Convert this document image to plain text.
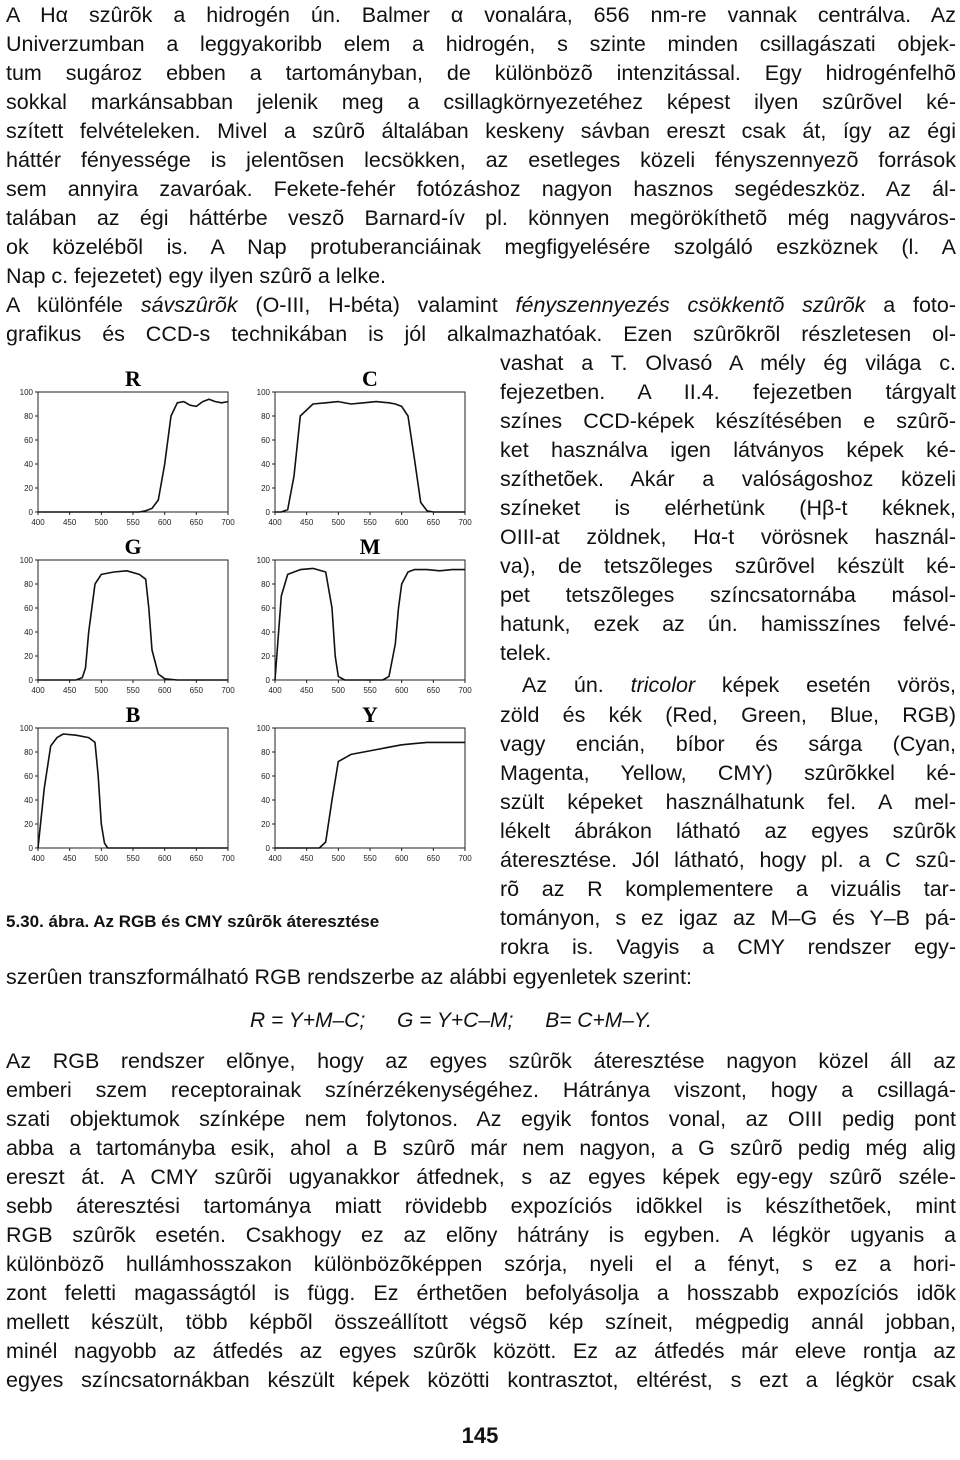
A Hα szûrõk a hidrogén ún. Balmer α vonalára, 656 nm-re vannak centrálva. Az
Univerzumban a leggyakoribb elem a hidrogén, s szinte minden csillagászati objek-
tum sugároz ebben a tartományban, de különbözõ intenzitással. Egy hidrogénfelhõ
sokkal markánsabban jelenik meg a csillagkörnyezetéhez képest ilyen szûrõvel ké-
szített felvételeken. Mivel a szûrõ általában keskeny sávban ereszt csak át, így az égi
háttér fényessége is jelentõsen lecsökken, az esetleges közeli fényszennyezõ források
sem annyira zavaróak. Fekete-fehér fotózáshoz nagyon hasznos segédeszköz. Az ál-
talában az égi háttérbe veszõ Barnard-ív pl. könnyen megörökíthetõ még nagyváros-
ok közelébõl is. A Nap protuberanciáinak megfigyelésére szolgáló eszköznek (l. A
Nap c. fejezetet) egy ilyen szûrõ a lelke.
A különféle sávszûrõk (O-III, H-béta) valamint fényszennyezés csökkentõ szûrõk a foto-
grafikus és CCD-s technikában is jól alkalmazhatóak. Ezen szûrõkrõl részletesen ol-
vashat a T. Olvasó A mély ég világa c.
fejezetben. A II.4. fejezetben tárgyalt
színes CCD-képek készítésében e szûrõ-
ket használva igen látványos képek ké-
szíthetõek. Akár a valóságoshoz közeli
színeket is elérhetünk (Hβ-t kéknek,
OIII-at zöldnek, Hα-t vörösnek használ-
va), de tetszõleges szûrõvel készült ké-
pet tetszõleges színcsatornába másol-
hatunk, ezek az ún. hamisszínes felvé-
telek.
Az ún. tricolor képek esetén vörös,
zöld és kék (Red, Green, Blue, RGB)
vagy encián, bíbor és sárga (Cyan,
Magenta, Yellow, CMY) szûrõkkel ké-
szült képeket használhatunk fel. A mel-
lékelt ábrákon látható az egyes szûrõk
áteresztése. Jól látható, hogy pl. a C szû-
rõ az R komplementere a vizuális tar-
tományon, s ez igaz az M–G és Y–B pá-
rokra is. Vagyis a CMY rendszer egy-
szerûen transzformálható RGB rendszerbe az alábbi egyenletek szerint:
R = Y+M–C; G = Y+C–M; B= C+M–Y.
100
80
60
40
20
0
400 450 500 550 600 650 700
R
100
80
60
40
20
0
400 450 500 550 600 650 700
C
100
80
60
40
20
0
400 450 500 550 600 650 700
G
100
80
60
40
20
0
400 450 500 550 600 650 700
M
100
80
60
40
20
0
400 450 500 550 600 650 700
B
100
80
60
40
20
0
400 450 500 550 600 650 700
Y
5.30. ábra. Az RGB és CMY szûrõk áteresztése
Az RGB rendszer elõnye, hogy az egyes szûrõk áteresztése nagyon közel áll az
emberi szem receptorainak színérzékenységéhez. Hátránya viszont, hogy a csillagá-
szati objektumok színképe nem folytonos. Az egyik fontos vonal, az OIII pedig pont
abba a tartományba esik, ahol a B szûrõ már nem nagyon, a G szûrõ pedig még alig
ereszt át. A CMY szûrõi ugyanakkor átfednek, s az egyes képek egy-egy szûrõ széle-
sebb áteresztési tartománya miatt rövidebb expozíciós idõkkel is készíthetõek, mint
RGB szûrõk esetén. Csakhogy ez az elõny hátrány is egyben. A légkör ugyanis a
különbözõ hullámhosszakon különbözõképpen szórja, nyeli el a fényt, s ez a hori-
zont feletti magasságtól is függ. Ez érthetõen befolyásolja a hosszabb expozíciós idõk
mellett készült, több képbõl összeállított végsõ kép színeit, mégpedig annál jobban,
minél nagyobb az átfedés az egyes szûrõk között. Ez az átfedés már eleve rontja az
egyes színcsatornákban készült képek közötti kontrasztot, eltérést, s ezt a légkör csak
145
